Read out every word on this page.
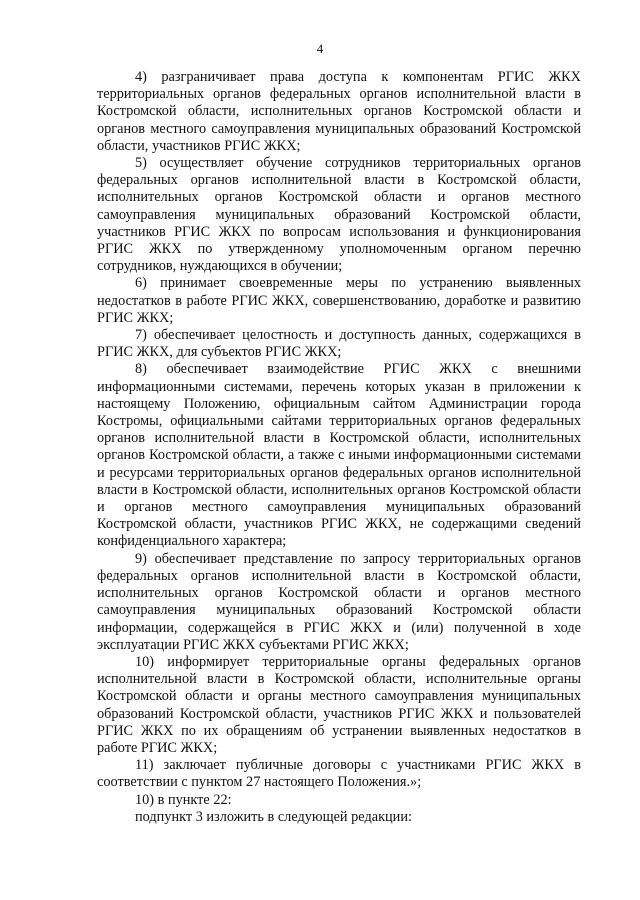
4

4) разграничивает права доступа к компонентам РГИС ЖКХ территориальных органов федеральных органов исполнительной власти в Костромской области, исполнительных органов Костромской области и органов местного самоуправления муниципальных образований Костромской области, участников РГИС ЖКХ;

5) осуществляет обучение сотрудников территориальных органов федеральных органов исполнительной власти в Костромской области, исполнительных органов Костромской области и органов местного самоуправления муниципальных образований Костромской области, участников РГИС ЖКХ по вопросам использования и функционирования РГИС ЖКХ по утвержденному уполномоченным органом перечню сотрудников, нуждающихся в обучении;

6) принимает своевременные меры по устранению выявленных недостатков в работе РГИС ЖКХ, совершенствованию, доработке и развитию РГИС ЖКХ;

7) обеспечивает целостность и доступность данных, содержащихся в РГИС ЖКХ, для субъектов РГИС ЖКХ;

8) обеспечивает взаимодействие РГИС ЖКХ с внешними информационными системами, перечень которых указан в приложении к настоящему Положению, официальным сайтом Администрации города Костромы, официальными сайтами территориальных органов федеральных органов исполнительной власти в Костромской области, исполнительных органов Костромской области, а также с иными информационными системами и ресурсами территориальных органов федеральных органов исполнительной власти в Костромской области, исполнительных органов Костромской области и органов местного самоуправления муниципальных образований Костромской области, участников РГИС ЖКХ, не содержащими сведений конфиденциального характера;

9) обеспечивает представление по запросу территориальных органов федеральных органов исполнительной власти в Костромской области, исполнительных органов Костромской области и органов местного самоуправления муниципальных образований Костромской области информации, содержащейся в РГИС ЖКХ и (или) полученной в ходе эксплуатации РГИС ЖКХ субъектами РГИС ЖКХ;

10) информирует территориальные органы федеральных органов исполнительной власти в Костромской области, исполнительные органы Костромской области и органы местного самоуправления муниципальных образований Костромской области, участников РГИС ЖКХ и пользователей РГИС ЖКХ по их обращениям об устранении выявленных недостатков в работе РГИС ЖКХ;

11) заключает публичные договоры с участниками РГИС ЖКХ в соответствии с пунктом 27 настоящего Положения.»;

10) в пункте 22:

подпункт 3 изложить в следующей редакции:
